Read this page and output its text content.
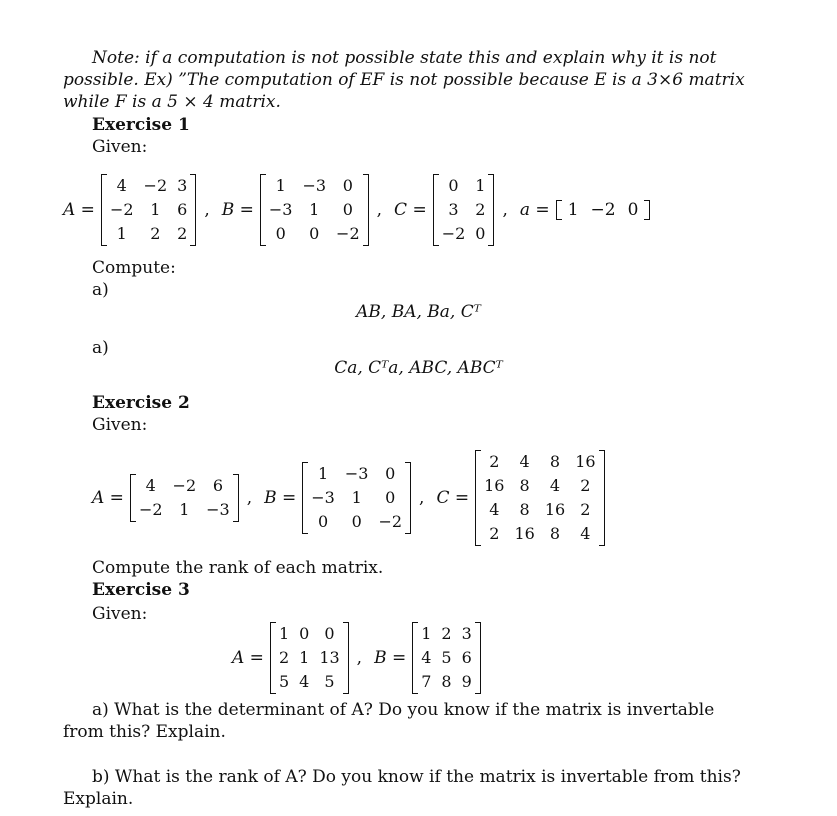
Note: if a computation is not possible state this and explain why it is not
possible. Ex) ”The computation of EF is not possible because E is a 3×6 matrix
while F is a 5 × 4 matrix.
Exercise 1
Given:
A =
4	−2	3
−2	1	6
1	2	2
, B =
1	−3	0
−3	1	0
0	0	−2
, C =
0	1
3	2
−2	0
, a =	1 −2 0
Compute:
a)
AB, BA, Ba, Cᵀ
a)
Ca, Cᵀa, ABC, ABCᵀ
Exercise 2
Given:
A =
4	−2	6
−2	1	−3
, B =
1	−3	0
−3	1	0
0	0	−2
, C =
2	4	8	16
16	8	4	2
4	8	16	2
2	16	8	4
Compute the rank of each matrix.
Exercise 3
Given:
A =
1	0	0
2	1	13
5	4	5
, B =
1	2	3
4	5	6
7	8	9
a) What is the determinant of A? Do you know if the matrix is invertable
from this? Explain.
b) What is the rank of A? Do you know if the matrix is invertable from this?
Explain.
